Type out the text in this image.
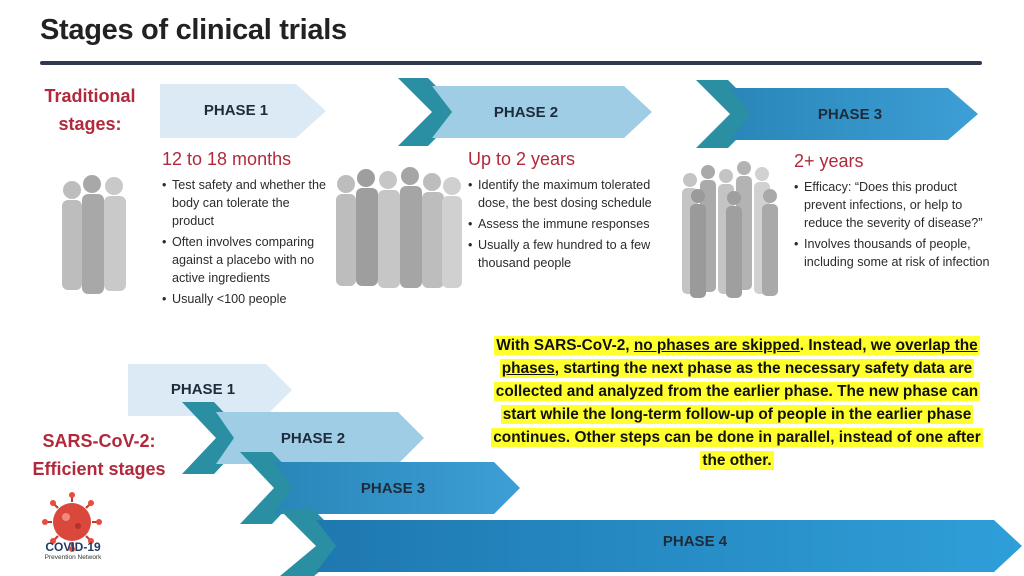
Stages of clinical trials
Traditional
stages:
PHASE 1	PHASE 2	PHASE 3
12 to 18 months
• Test safety and whether the body can tolerate the product
• Often involves comparing against a placebo with no active ingredients
• Usually <100 people
Up to 2 years
• Identify the maximum tolerated dose, the best dosing schedule
• Assess the immune responses
• Usually a few hundred to a few thousand people
2+ years
• Efficacy: “Does this product prevent infections, or help to reduce the severity of disease?”
• Involves thousands of people, including some at risk of infection
With SARS-CoV-2, no phases are skipped. Instead, we overlap the phases, starting the next phase as the necessary safety data are collected and analyzed from the earlier phase. The new phase can start while the long-term follow-up of people in the earlier phase continues. Other steps can be done in parallel, instead of one after the other.
SARS-CoV-2:
Efficient stages
PHASE 1
PHASE 2
PHASE 3
PHASE 4
COVID-19
Prevention Network
